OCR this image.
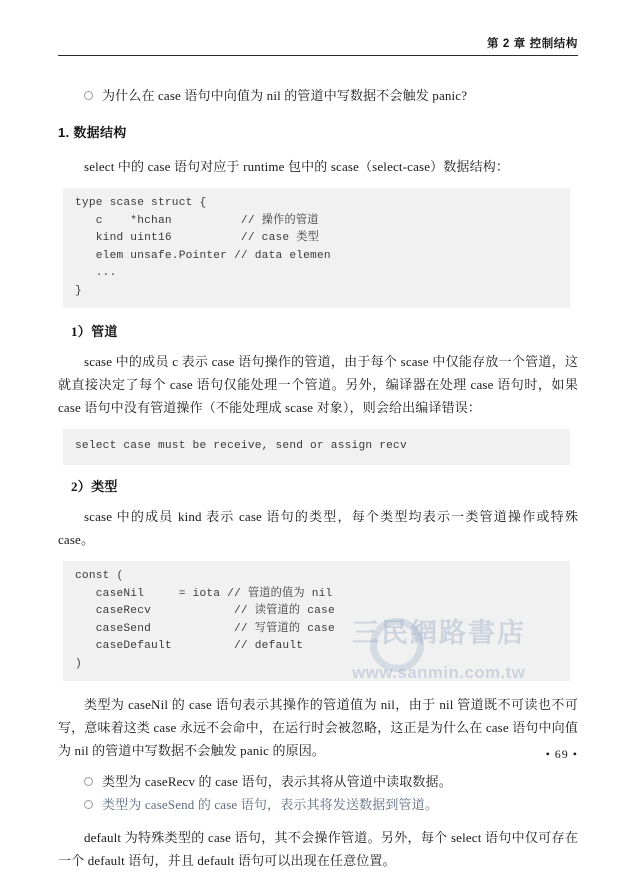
第 2 章 控制结构
为什么在 case 语句中向值为 nil 的管道中写数据不会触发 panic?
1. 数据结构

select 中的 case 语句对应于 runtime 包中的 scase（select-case）数据结构：

type scase struct {
c    *hchan          // 操作的管道
kind uint16          // case 类型
elem unsafe.Pointer // data elemen
...
}
1）管道

scase 中的成员 c 表示 case 语句操作的管道，由于每个 scase 中仅能存放一个管道，这就直接决定了每个 case 语句仅能处理一个管道。另外，编译器在处理 case 语句时，如果 case 语句中没有管道操作（不能处理成 scase 对象），则会给出编译错误：

select case must be receive, send or assign recv
2）类型

scase 中的成员 kind 表示 case 语句的类型，每个类型均表示一类管道操作或特殊 case。

const (
caseNil     = iota // 管道的值为 nil
caseRecv            // 读管道的 case
caseSend            // 写管道的 case
caseDefault         // default
)

类型为 caseNil 的 case 语句表示其操作的管道值为 nil，由于 nil 管道既不可读也不可写，意味着这类 case 永远不会命中，在运行时会被忽略，这正是为什么在 case 语句中向值为 nil 的管道中写数据不会触发 panic 的原因。

类型为 caseRecv 的 case 语句，表示其将从管道中读取数据。
类型为 caseSend 的 case 语句，表示其将发送数据到管道。

default 为特殊类型的 case 语句，其不会操作管道。另外，每个 select 语句中仅可存在一个 default 语句，并且 default 语句可以出现在任意位置。

三民網路書店
www.sanmin.com.tw
• 69 •
